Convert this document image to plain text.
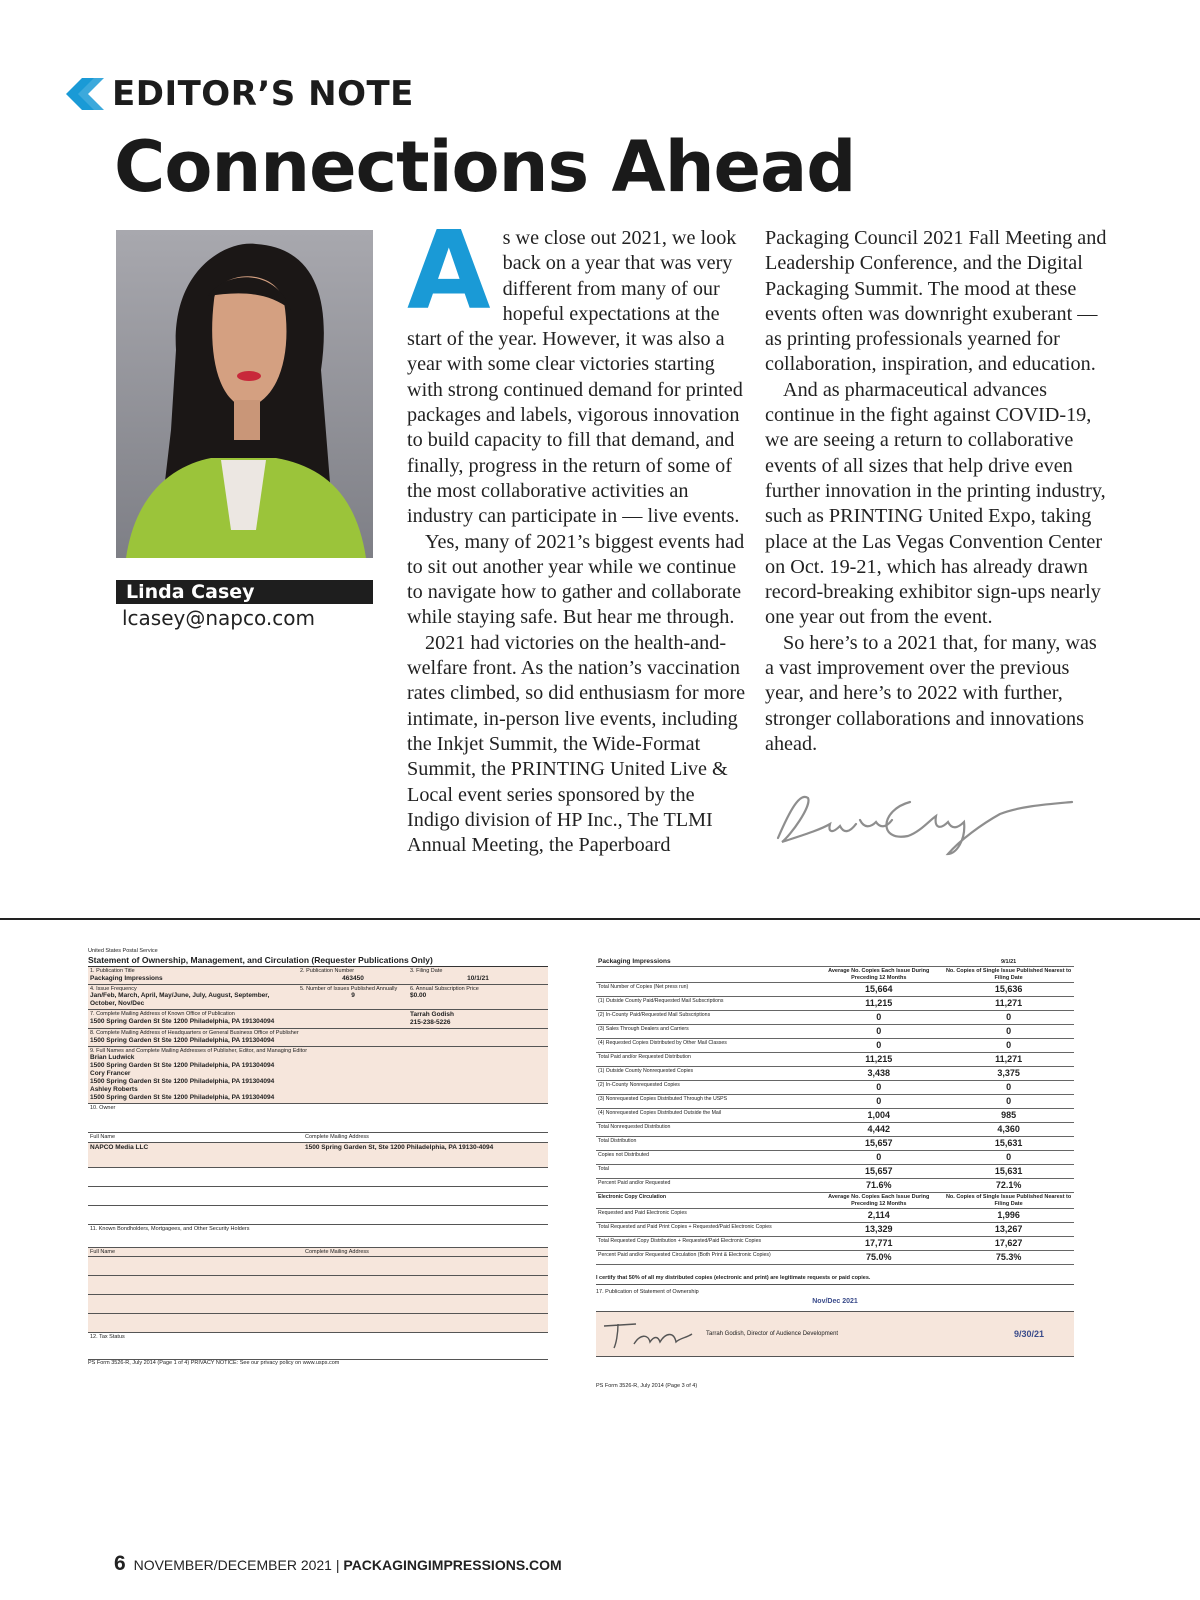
EDITOR’S NOTE
Connections Ahead
Linda Casey
lcasey@napco.com

As we close out 2021, we look back on a year that was very different from many of our hopeful expectations at the start of the year. However, it was also a year with some clear victories starting with strong continued demand for printed packages and labels, vigorous innovation to build capacity to fill that demand, and finally, progress in the return of some of the most collaborative activities an industry can participate in — live events.

Yes, many of 2021’s biggest events had to sit out another year while we continue to navigate how to gather and collaborate while staying safe. But hear me through.

2021 had victories on the health-and-welfare front. As the nation’s vaccination rates climbed, so did enthusiasm for more intimate, in-person live events, including the Inkjet Summit, the Wide-Format Summit, the PRINTING United Live & Local event series sponsored by the Indigo division of HP Inc., The TLMI Annual Meeting, the Paperboard

Packaging Council 2021 Fall Meeting and Leadership Conference, and the Digital Packaging Summit. The mood at these events often was downright exuberant — as printing professionals yearned for collaboration, inspiration, and education.

And as pharmaceutical advances continue in the fight against COVID-19, we are seeing a return to collaborative events of all sizes that help drive even further innovation in the printing industry, such as PRINTING United Expo, taking place at the Las Vegas Convention Center on Oct. 19-21, which has already drawn record-breaking exhibitor sign-ups nearly one year out from the event.

So here’s to a 2021 that, for many, was a vast improvement over the previous year, and here’s to 2022 with further, stronger collaborations and innovations ahead.

United States Postal Service
Statement of Ownership, Management, and Circulation (Requester Publications Only)
1. Publication Title
Packaging Impressions
2. Publication Number
463450
3. Filing Date
10/1/21
4. Issue Frequency
Jan/Feb, March, April, May/June, July, August, September, October, Nov/Dec
5. Number of Issues Published Annually
9
6. Annual Subscription Price
$0.00
7. Complete Mailing Address of Known Office of Publication
1500 Spring Garden St Ste 1200 Philadelphia, PA 191304094
Tarrah Godish
215-238-5226
8. Complete Mailing Address of Headquarters or General Business Office of Publisher
1500 Spring Garden St Ste 1200 Philadelphia, PA 191304094
9. Full Names and Complete Mailing Addresses of Publisher, Editor, and Managing Editor
Brian Ludwick
1500 Spring Garden St Ste 1200 Philadelphia, PA 191304094
Cory Francer
1500 Spring Garden St Ste 1200 Philadelphia, PA 191304094
Ashley Roberts
1500 Spring Garden St Ste 1200 Philadelphia, PA 191304094
10. Owner
Full Name	Complete Mailing Address
NAPCO Media LLC	1500 Spring Garden St, Ste 1200 Philadelphia, PA 19130-4094
11. Known Bondholders, Mortgagees, and Other Security Holders
Full Name	Complete Mailing Address
12. Tax Status
PS Form 3526-R, July 2014 (Page 1 of 4) PRIVACY NOTICE: See our privacy policy on www.usps.com
Packaging Impressions		9/1/21
	Average No. Copies Each Issue During Preceding 12 Months	No. Copies of Single Issue Published Nearest to Filing Date
Total Number of Copies (Net press run)	15,664	15,636
(1) Outside County Paid/Requested Mail Subscriptions	11,215	11,271
(2) In-County Paid/Requested Mail Subscriptions	0	0
(3) Sales Through Dealers and Carriers	0	0
(4) Requested Copies Distributed by Other Mail Classes	0	0
Total Paid and/or Requested Distribution	11,215	11,271
(1) Outside County Nonrequested Copies	3,438	3,375
(2) In-County Nonrequested Copies	0	0
(3) Nonrequested Copies Distributed Through the USPS	0	0
(4) Nonrequested Copies Distributed Outside the Mail	1,004	985
Total Nonrequested Distribution	4,442	4,360
Total Distribution	15,657	15,631
Copies not Distributed	0	0
Total	15,657	15,631
Percent Paid and/or Requested	71.6%	72.1%
Electronic Copy Circulation	Average No. Copies Each Issue During Preceding 12 Months	No. Copies of Single Issue Published Nearest to Filing Date
Requested and Paid Electronic Copies	2,114	1,996
Total Requested and Paid Print Copies + Requested/Paid Electronic Copies	13,329	13,267
Total Requested Copy Distribution + Requested/Paid Electronic Copies	17,771	17,627
Percent Paid and/or Requested Circulation (Both Print & Electronic Copies)	75.0%	75.3%
I certify that 50% of all my distributed copies (electronic and print) are legitimate requests or paid copies.
17. Publication of Statement of Ownership
Nov/Dec 2021
Tarrah Godish, Director of Audience Development	9/30/21
PS Form 3526-R, July 2014 (Page 3 of 4)
6 NOVEMBER/DECEMBER 2021 | PACKAGINGIMPRESSIONS.COM
